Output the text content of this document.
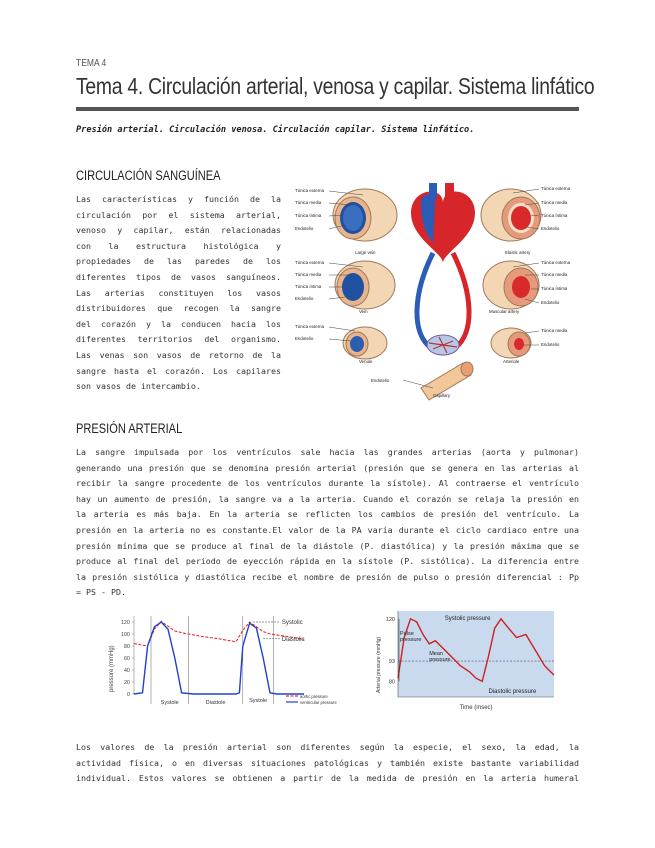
TEMA 4
Tema 4. Circulación arterial, venosa y capilar. Sistema linfático
Presión arterial. Circulación venosa. Circulación capilar. Sistema linfático.
CIRCULACIÓN SANGUÍNEA

Las características y función de la
circulación por el sistema arterial,
venoso y capilar, están relacionadas
con la estructura histológica y
propiedades de las paredes de los
diferentes tipos de vasos sanguíneos.
Las arterias constituyen los vasos
distribuidores que recogen la sangre
del corazón y la conducen hacia los
diferentes territorios del organismo.
Las venas son vasos de retorno de la
sangre hasta el corazón. Los capilares
son vasos de intercambio.

Túnica externa
Túnica media
Túnica íntima
Endotelio
Túnica externa
Túnica media
Túnica íntima
Endotelio
Túnica externa
Endotelio
Túnica externa
Túnica media
Túnica íntima
Endotelio
Túnica externa
Túnica media
Túnica íntima
Endotelio
Túnica media
Endotelio
Large vein
Vein
Venule
Elastic artery
Muscular artery
Arteriole
Endotelio
Capillary
PRESIÓN ARTERIAL

La sangre impulsada por los ventrículos sale hacia las grandes arterias (aorta y pulmonar)
generando una presión que se denomina presión arterial (presión que se genera en las arterias al
recibir la sangre procedente de los ventrículos durante la sístole). Al contraerse el ventrículo
hay un aumento de presión, la sangre va a la arteria. Cuando el corazón se relaja la presión en
la arteria es más baja. En la arteria se reflicten los cambios de presión del ventrículo. La
presión en la arteria no es constante.El valor de la PA varía durante el ciclo cardiaco entre una
presión mínima que se produce al final de la diástole (P. diastólica) y la presión máxima que se
produce al final del periodo de eyección rápida en la sístole (P. sistólica). La diferencia entre
la presión sistólica y diastólica recibe el nombre de presión de pulso o presión diferencial : Pp
= PS - PD.

120
100
80
60
40
20
0
pressure (mmHg)
Systole	Diastole	Systole
Systolic
Diastolic
aortic pressure
ventricular pressure
120
93
80
Arterial pressure (mmHg)
Time (msec)
Systolic pressure
Pulse
pressure
Mean
pressure
Diastolic pressure

Los valores de la presión arterial son diferentes según la especie, el sexo, la edad, la
actividad física, o en diversas situaciones patológicas y también existe bastante variabilidad
individual. Estos valores se obtienen a partir de la medida de presión en la arteria humeral
